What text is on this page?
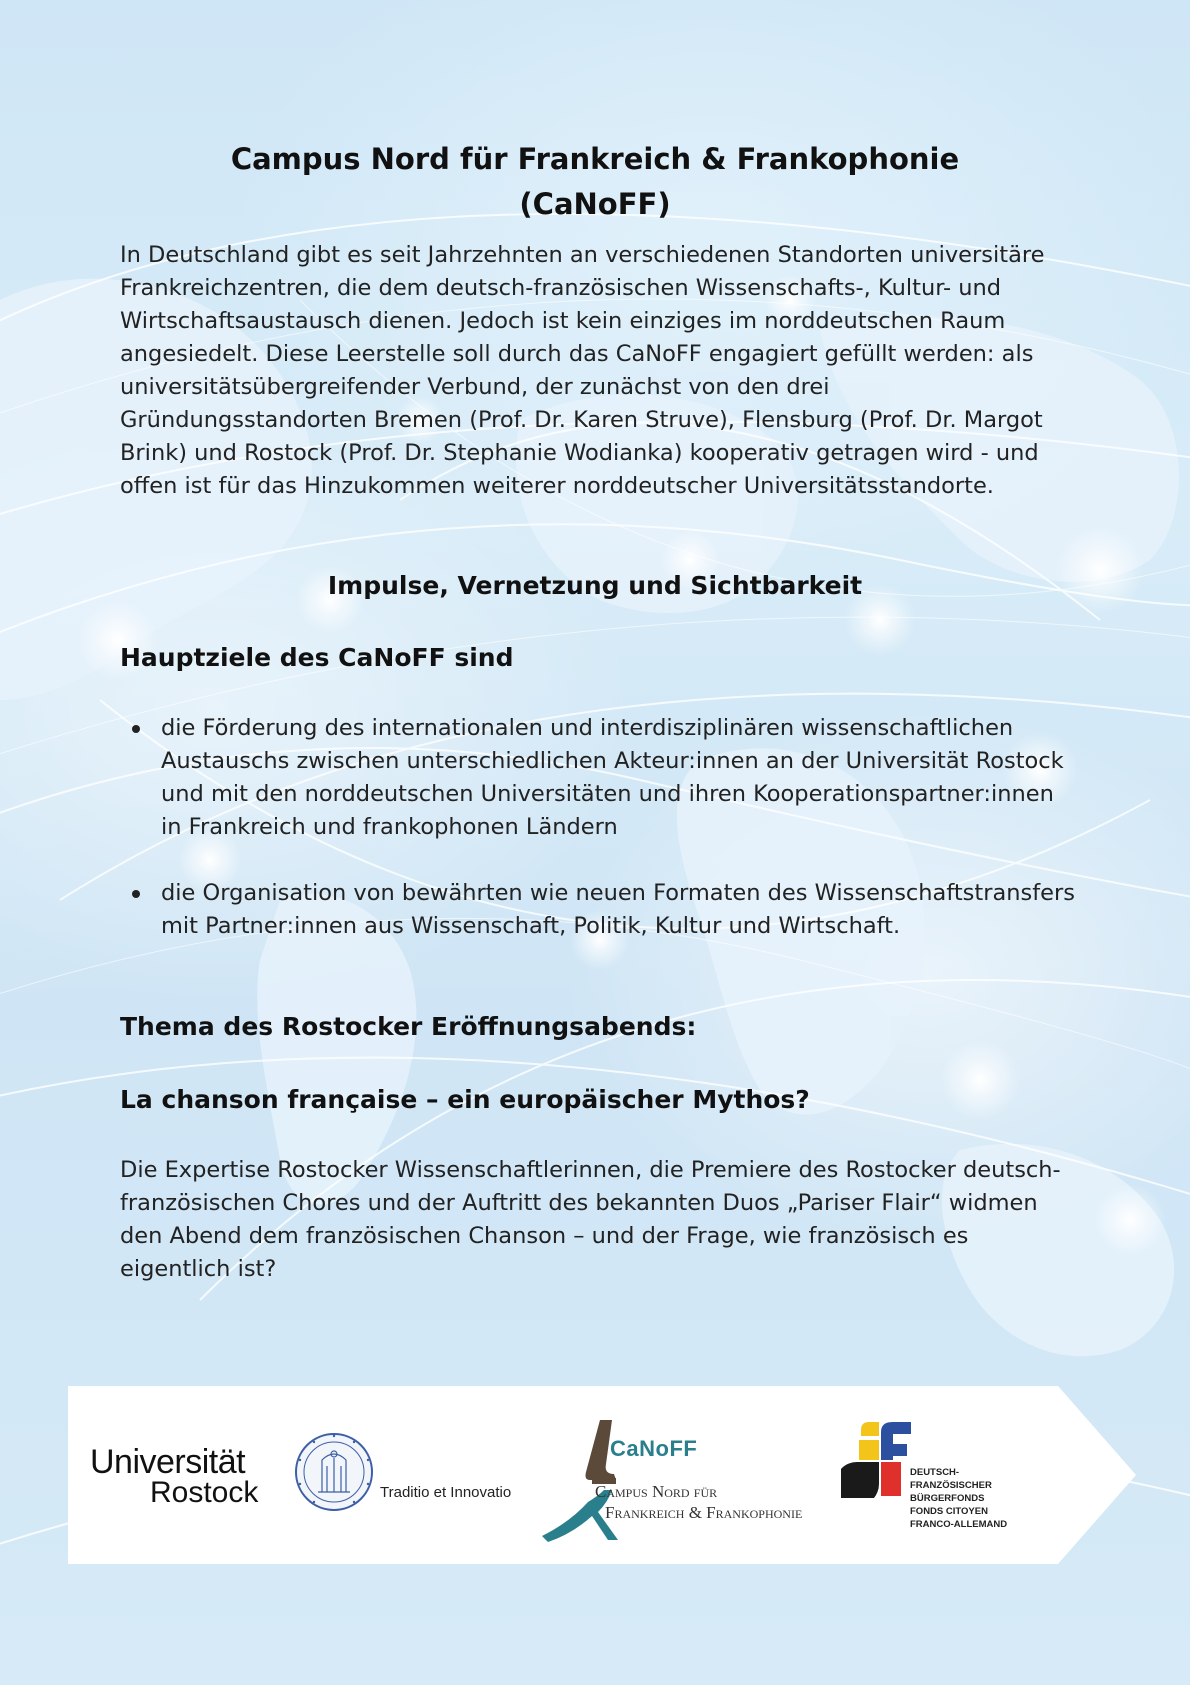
Campus Nord für Frankreich & Frankophonie
(CaNoFF)

In Deutschland gibt es seit Jahrzehnten an verschiedenen Standorten universitäre Frankreichzentren, die dem deutsch-französischen Wissenschafts-, Kultur- und Wirtschaftsaustausch dienen. Jedoch ist kein einziges im norddeutschen Raum angesiedelt. Diese Leerstelle soll durch das CaNoFF engagiert gefüllt werden: als universitätsübergreifender Verbund, der zunächst von den drei Gründungsstandorten Bremen (Prof. Dr. Karen Struve), Flensburg (Prof. Dr. Margot Brink) und Rostock (Prof. Dr. Stephanie Wodianka) kooperativ getragen wird - und offen ist für das Hinzukommen weiterer norddeutscher Universitätsstandorte.

Impulse, Vernetzung und Sichtbarkeit
Hauptziele des CaNoFF sind
die Förderung des internationalen und interdisziplinären wissenschaftlichen Austauschs zwischen unterschiedlichen Akteur:innen an der Universität Rostock und mit den norddeutschen Universitäten und ihren Kooperationspartner:innen in Frankreich und frankophonen Ländern
die Organisation von bewährten wie neuen Formaten des Wissenschaftstransfers mit Partner:innen aus Wissenschaft, Politik, Kultur und Wirtschaft.
Thema des Rostocker Eröffnungsabends:
La chanson française – ein europäischer Mythos?

Die Expertise Rostocker Wissenschaftlerinnen, die Premiere des Rostocker deutsch-französischen Chores und der Auftritt des bekannten Duos „Pariser Flair“ widmen den Abend dem französischen Chanson – und der Frage, wie französisch es eigentlich ist?

Universität
Rostock	Traditio et Innovatio
CaNoFF
Campus Nord für
Frankreich & Frankophonie
DEUTSCH-
FRANZÖSISCHER
BÜRGERFONDS
FONDS CITOYEN
FRANCO-ALLEMAND
